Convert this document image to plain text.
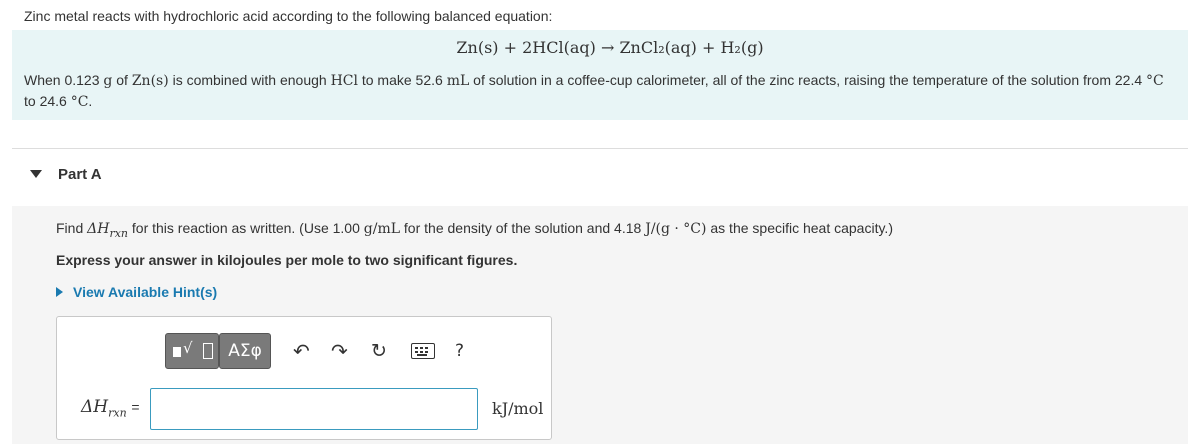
Zinc metal reacts with hydrochloric acid according to the following balanced equation:
Zn(s) + 2HCl(aq) → ZnCl₂(aq) + H₂(g)
When 0.123 g of Zn(s) is combined with enough HCl to make 52.6 mL of solution in a coffee-cup calorimeter, all of the zinc reacts, raising the temperature of the solution from 22.4 °C
to 24.6 °C.
Part A
Find $\Delta H_{rxn}$ for this reaction as written. (Use 1.00 g/mL for the density of the solution and 4.18 J/(g · °C) as the specific heat capacity.)
Express your answer in kilojoules per mole to two significant figures.
View Available Hint(s)
√	ΑΣφ	↶ ↷ ↻	?
$\Delta H_{rxn}$ =	kJ/mol
